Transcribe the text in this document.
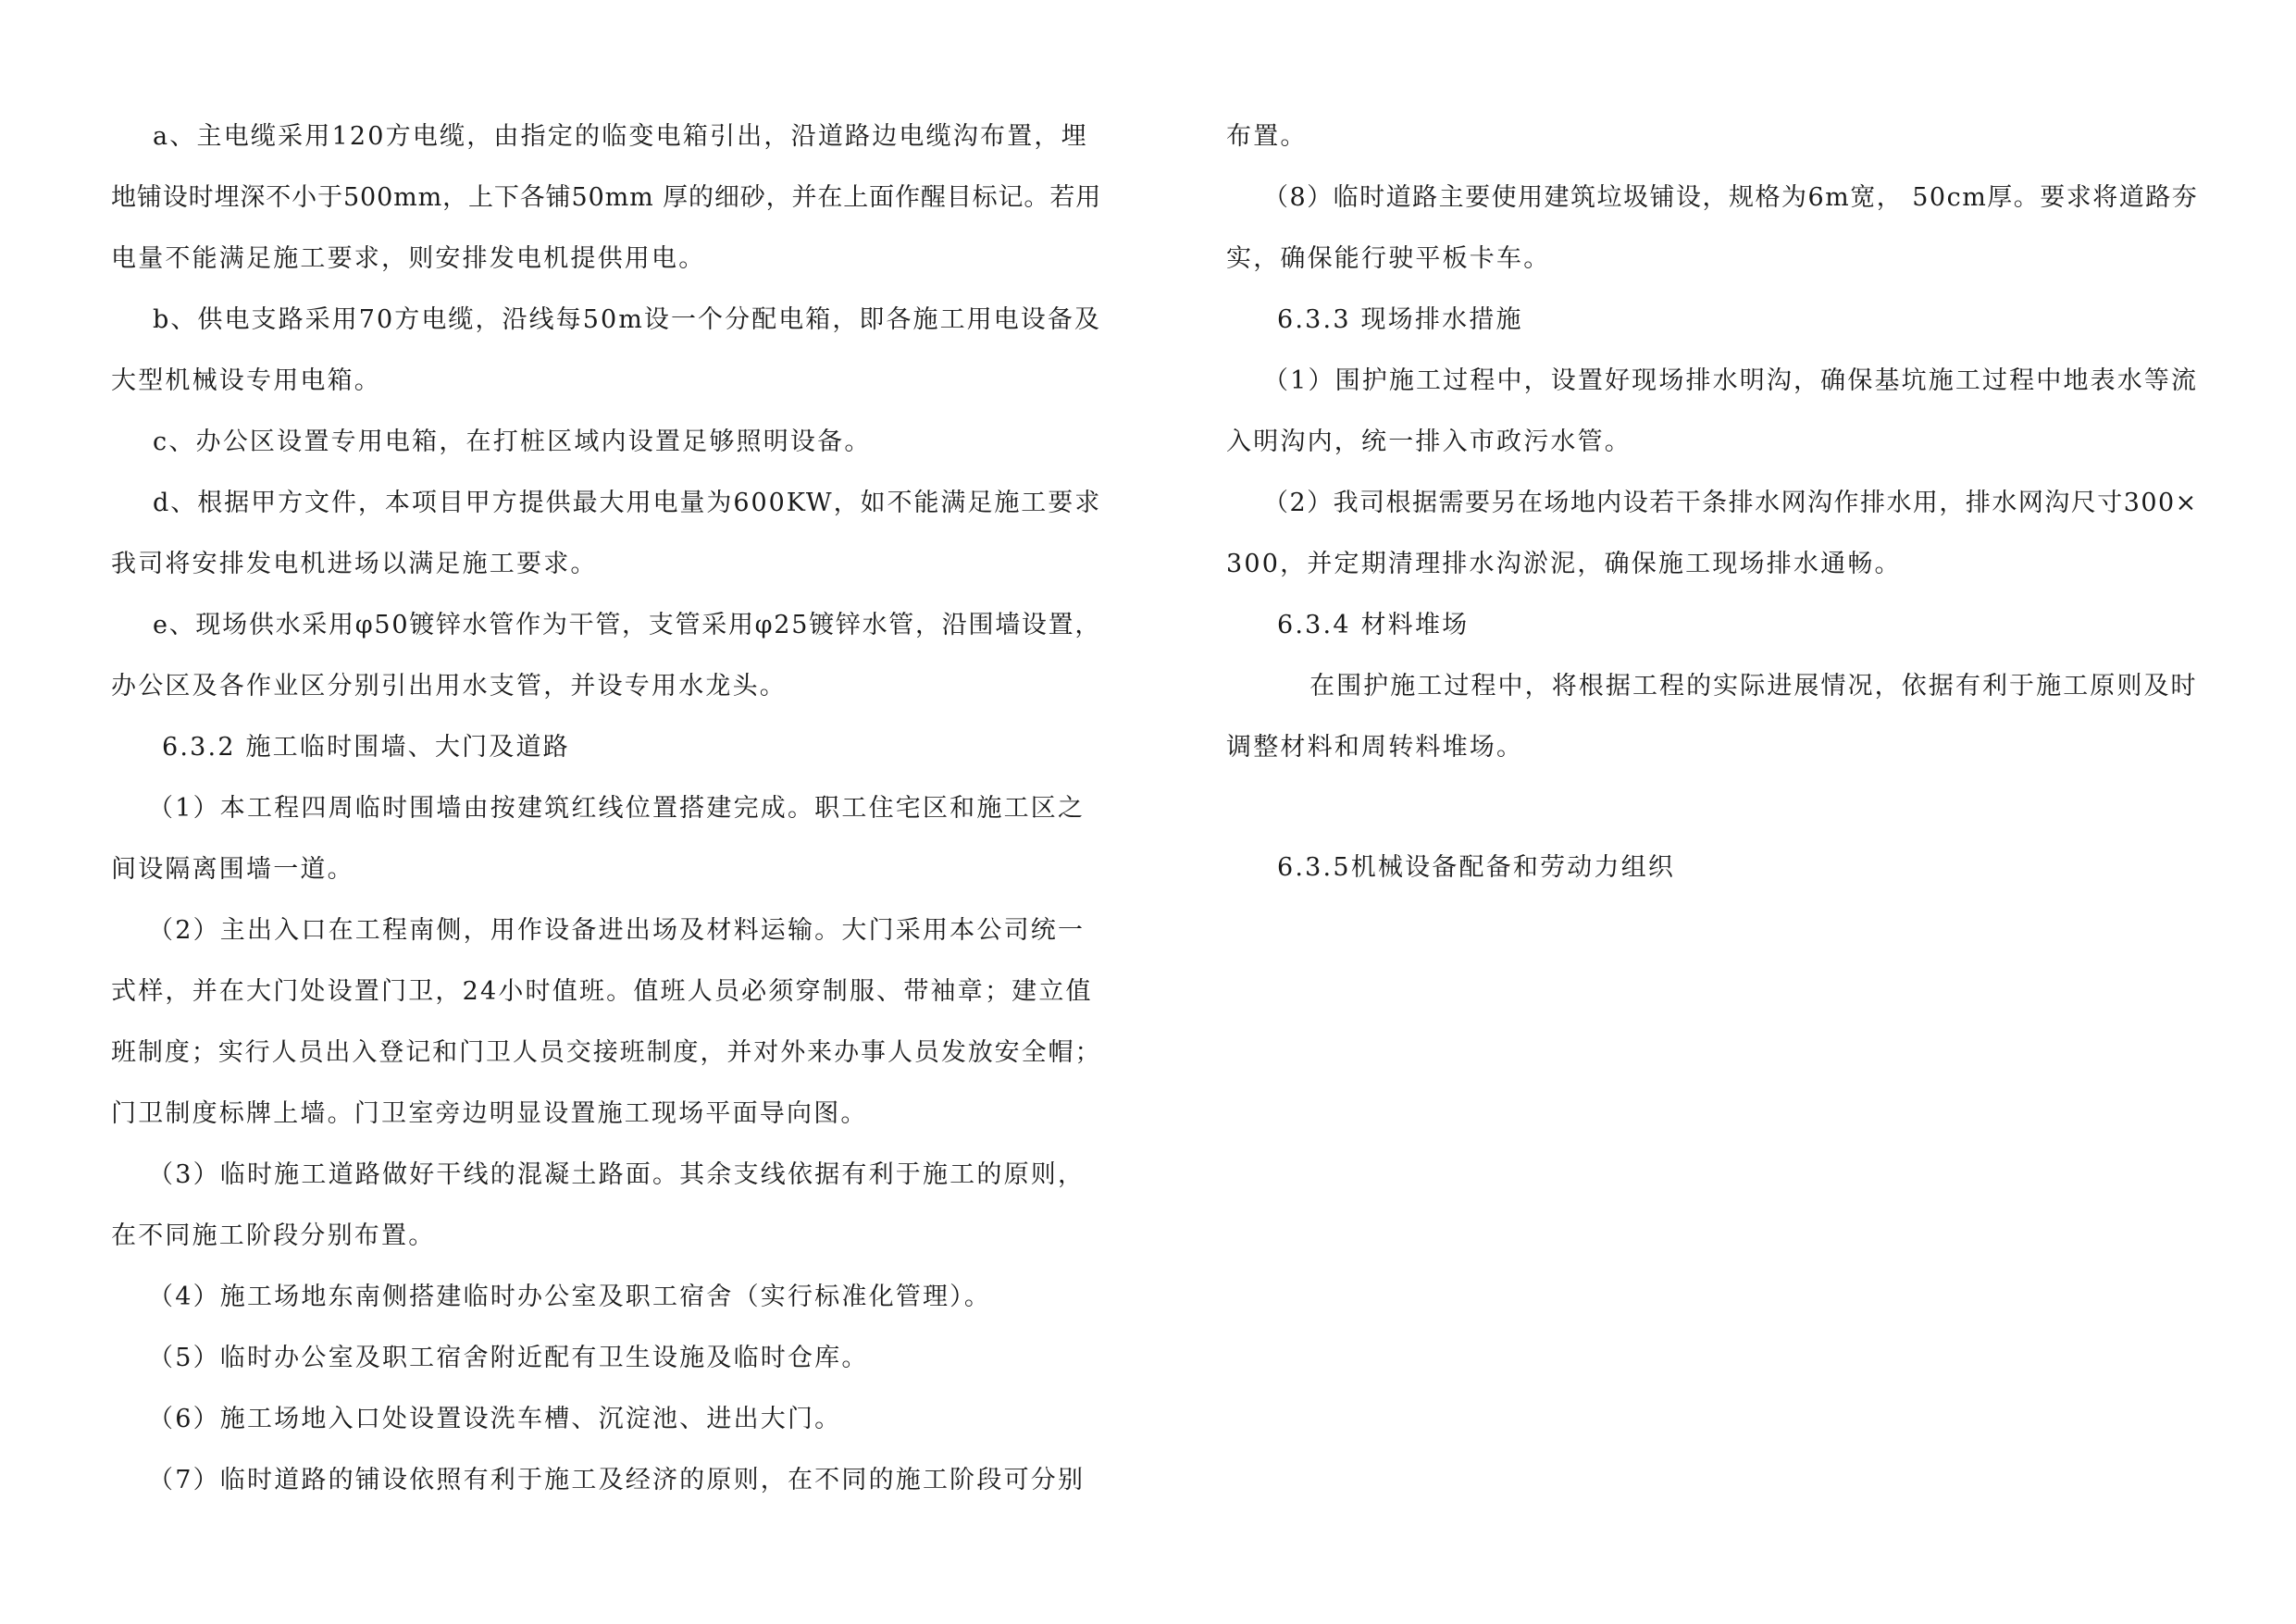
a、主电缆采用120方电缆，由指定的临变电箱引出，沿道路边电缆沟布置，埋
地铺设时埋深不小于500mm，上下各铺50mm 厚的细砂，并在上面作醒目标记。若用
电量不能满足施工要求，则安排发电机提供用电。
b、供电支路采用70方电缆，沿线每50m设一个分配电箱，即各施工用电设备及
大型机械设专用电箱。
c、办公区设置专用电箱，在打桩区域内设置足够照明设备。
d、根据甲方文件，本项目甲方提供最大用电量为600KW，如不能满足施工要求
我司将安排发电机进场以满足施工要求。
e、现场供水采用φ50镀锌水管作为干管，支管采用φ25镀锌水管，沿围墙设置，
办公区及各作业区分别引出用水支管，并设专用水龙头。
6.3.2 施工临时围墙、大门及道路
（1）本工程四周临时围墙由按建筑红线位置搭建完成。职工住宅区和施工区之
间设隔离围墙一道。
（2）主出入口在工程南侧，用作设备进出场及材料运输。大门采用本公司统一
式样，并在大门处设置门卫，24小时值班。值班人员必须穿制服、带袖章；建立值
班制度；实行人员出入登记和门卫人员交接班制度，并对外来办事人员发放安全帽；
门卫制度标牌上墙。门卫室旁边明显设置施工现场平面导向图。
（3）临时施工道路做好干线的混凝土路面。其余支线依据有利于施工的原则，
在不同施工阶段分别布置。
（4）施工场地东南侧搭建临时办公室及职工宿舍（实行标准化管理）。
（5）临时办公室及职工宿舍附近配有卫生设施及临时仓库。
（6）施工场地入口处设置设洗车槽、沉淀池、进出大门。
（7）临时道路的铺设依照有利于施工及经济的原则，在不同的施工阶段可分别
布置。
（8）临时道路主要使用建筑垃圾铺设，规格为6m宽， 50cm厚。要求将道路夯
实，确保能行驶平板卡车。
6.3.3 现场排水措施
（1）围护施工过程中，设置好现场排水明沟，确保基坑施工过程中地表水等流
入明沟内，统一排入市政污水管。
（2）我司根据需要另在场地内设若干条排水网沟作排水用，排水网沟尺寸300×
300，并定期清理排水沟淤泥，确保施工现场排水通畅。
6.3.4 材料堆场
在围护施工过程中，将根据工程的实际进展情况，依据有利于施工原则及时
调整材料和周转料堆场。
6.3.5机械设备配备和劳动力组织
